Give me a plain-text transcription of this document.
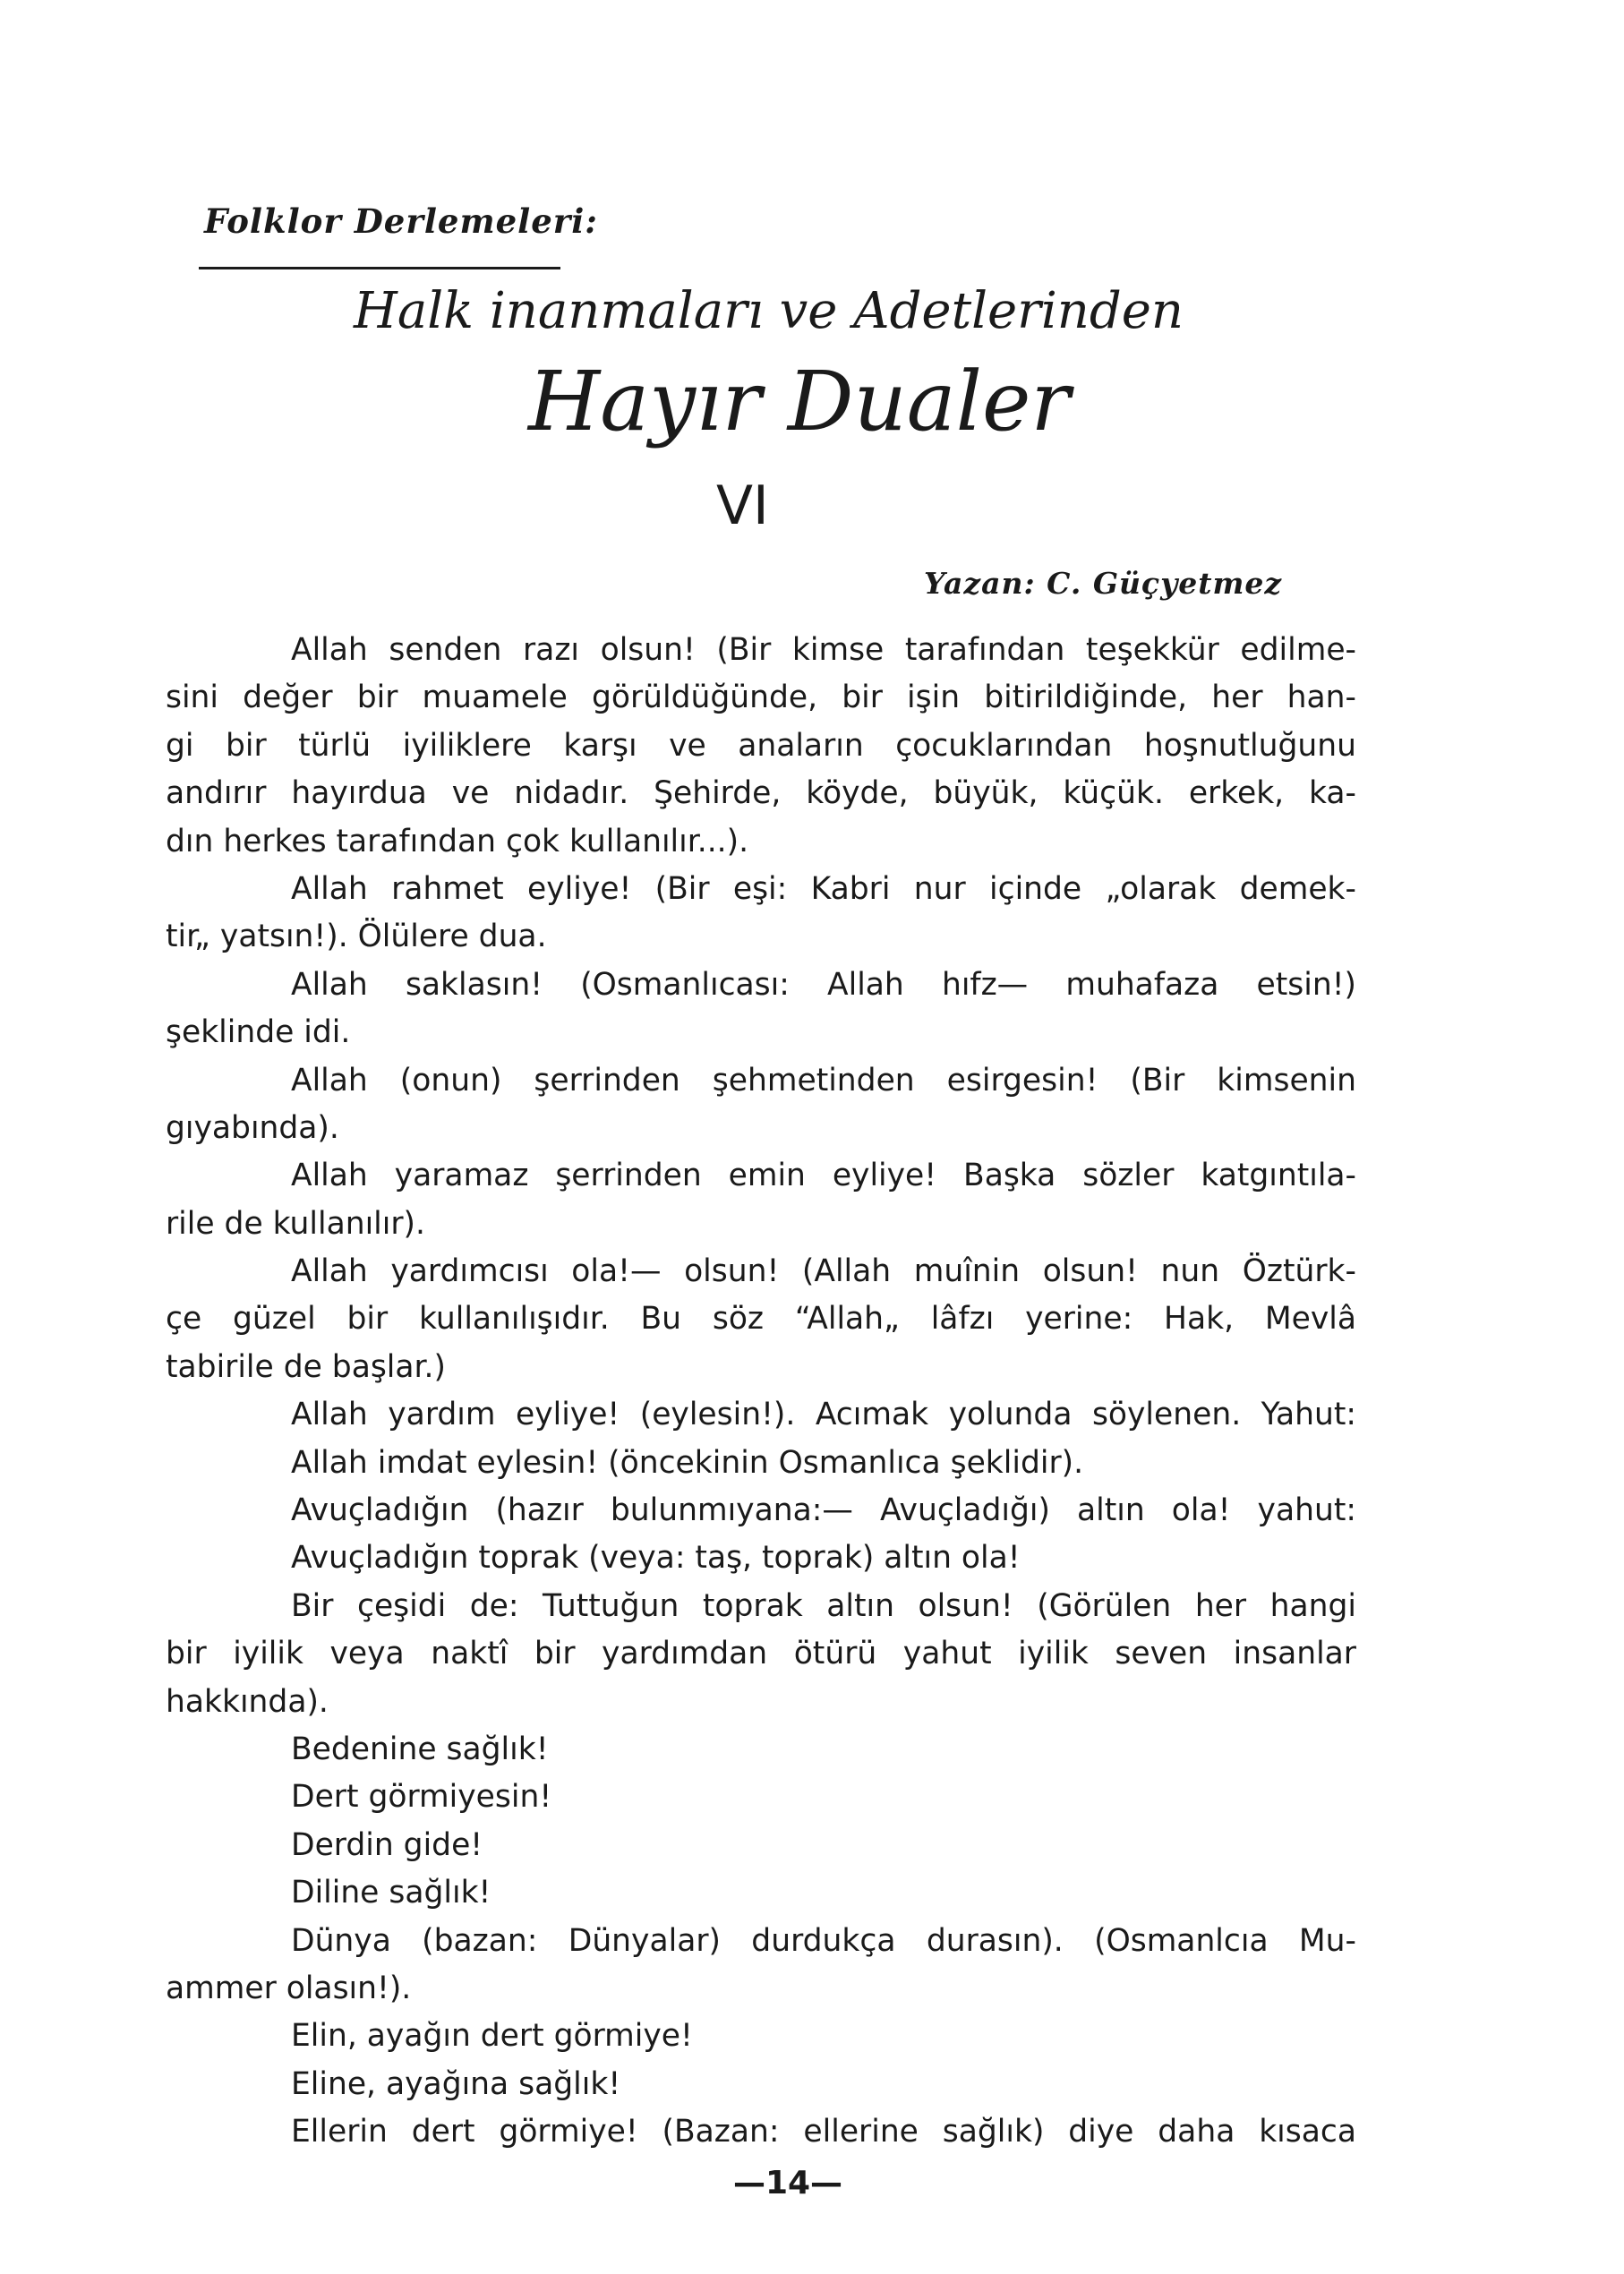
Folklor Derlemeleri:
Halk inanmaları ve Adetlerinden
Hayır Dualer
VI
Yazan: C. Güçyetmez
Allah senden razı olsun! (Bir kimse tarafından teşekkür edilme-
sini değer bir muamele görüldüğünde, bir işin bitirildiğinde, her han-
gi bir türlü iyiliklere karşı ve anaların çocuklarından hoşnutluğunu
andırır hayırdua ve nidadır. Şehirde, köyde, büyük, küçük. erkek, ka-
dın herkes tarafından çok kullanılır...).
Allah rahmet eyliye! (Bir eşi: Kabri nur içinde „olarak demek-
tir„ yatsın!). Ölülere dua.
Allah saklasın! (Osmanlıcası: Allah hıfz— muhafaza etsin!)
şeklinde idi.
Allah (onun) şerrinden şehmetinden esirgesin! (Bir kimsenin
gıyabında).
Allah yaramaz şerrinden emin eyliye! Başka sözler katgıntıla-
rile de kullanılır).
Allah yardımcısı ola!— olsun! (Allah muînin olsun! nun Öztürk-
çe güzel bir kullanılışıdır. Bu söz “Allah„ lâfzı yerine: Hak, Mevlâ
tabirile de başlar.)
Allah yardım eyliye! (eylesin!). Acımak yolunda söylenen. Yahut:
Allah imdat eylesin! (öncekinin Osmanlıca şeklidir).
Avuçladığın (hazır bulunmıyana:— Avuçladığı) altın ola! yahut:
Avuçladığın toprak (veya: taş, toprak) altın ola!
Bir çeşidi de: Tuttuğun toprak altın olsun! (Görülen her hangi
bir iyilik veya naktî bir yardımdan ötürü yahut iyilik seven insanlar
hakkında).
Bedenine sağlık!
Dert görmiyesin!
Derdin gide!
Diline sağlık!
Dünya (bazan: Dünyalar) durdukça durasın). (Osmanlcıa Mu-
ammer olasın!).
Elin, ayağın dert görmiye!
Eline, ayağına sağlık!
Ellerin dert görmiye! (Bazan: ellerine sağlık) diye daha kısaca
—14—
